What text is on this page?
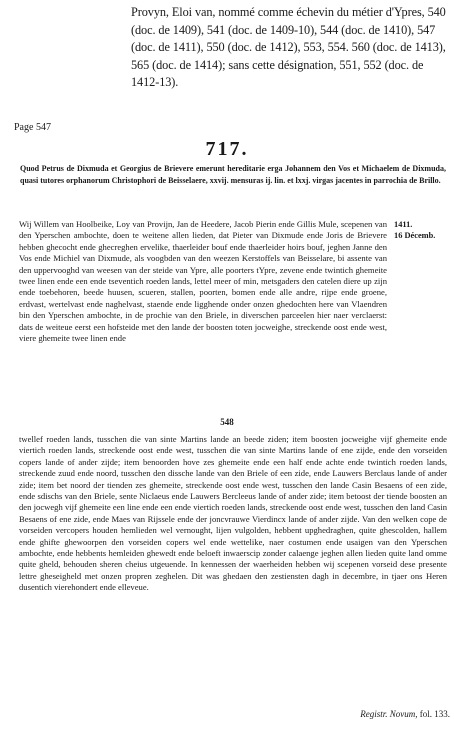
Provyn, Eloi van, nommé comme échevin du métier d'Ypres, 540 (doc. de 1409), 541 (doc. de 1409-10), 544 (doc. de 1410), 547 (doc. de 1411), 550 (doc. de 1412), 553, 554. 560 (doc. de 1413), 565 (doc. de 1414); sans cette désignation, 551, 552 (doc. de 1412-13).
Page 547
717.
Quod Petrus de Dixmuda et Georgius de Brievere emerunt hereditarie erga Johannem den Vos et Michaelem de Dixmuda, quasi tutores orphanorum Christophori de Beisselaere, xxvij. mensuras ij. lin. et lxxj. virgas jacentes in parrochia de Brillo.
Wij Willem van Hoolbeike, Loy van Provijn, Jan de Heedere, Jacob Pierin ende Gillis Mule, scepenen van den Yperschen ambochte, doen te weitene allen lieden, dat Pieter van Dixmude ende Joris de Brievere hebben ghecocht ende ghecreghen ervelike, thaerleider bouf ende thaerleider hoirs bouf, jeghen Janne den Vos ende Michiel van Dixmude, als voogbden van den weezen Kerstoffels van Beisselare, bi assente van den uppervooghd van weesen van der steide van Ypre, alle poorters tYpre, zevene ende twintich ghemeite twee linen ende een ende tseventich roeden lands, lettel meer of min, metsgaders den catelen diere up zijn ende toebehoren, beede huusen, scueren, stallen, poorten, bomen ende alle andre, rijpe ende groene, erdvast, wertelvast ende naghelvast, staende ende ligghende onder onzen ghedochten here van Vlaendren bin den Yperschen ambochte, in de prochie van den Briele, in diverschen parceelen hier naer verclaerst: dats de weiteue eerst een hofsteide met den lande der boosten toten jocweighe, streckende oost ende west, viere ghemeite twee linen ende
1411.
16 Décemb.
548
twellef roeden lands, tusschen die van sinte Martins lande an beede ziden; item boosten jocweighe vijf ghemeite ende viertich roeden lands, streckende oost ende west, tusschen die van sinte Martins lande of ene zijde, ende den vorseiden copers lande of ander zijde; item benoorden hove zes ghemeite ende een half ende achte ende twintich roeden lands, streckende zuud ende noord, tusschen den dissche lande van den Briele of een zide, ende Lauwers Berclaus lande of ander zide; item bet noord der tienden zes ghemeite, streckende oost ende west, tusschen den lande Casin Besaens of een zide, ende sdischs van den Briele, sente Niclaeus ende Lauwers Bercleeus lande of ander zide; item betoost der tiende boosten an den jocwegh vijf ghemeite een line ende een ende viertich roeden lands, streckende oost ende west, tusschen den land Casin Besaens of ene zide, ende Maes van Rijssele ende der joncvrauwe Vierdincx lande of ander zijde. Van den welken cope de vorseiden vercopers houden hemlieden wel vernought, lijen vulgolden, hebbent upghedraghen, quite ghescolden, hallem ende ghifte ghewoorpen den vorseiden copers wel ende wettelike, naer costumen ende usaigen van den Yperschen ambochte, ende hebbents hemleiden ghewedt ende beloeft inwaerscip zonder calaenge jeghen allen lieden quite land omme quite gheld, behouden sheren cheius utgeuende. In kennessen der waerheiden hebben wij scepenen vorseid dese presente lettre gheseigheld met onzen propren zeghelen. Dit was ghedaen den zestiensten dagh in decembre, in tjaer ons Heren dusentich vierehondert ende elleveue.
Registr. Novum, fol. 133.
